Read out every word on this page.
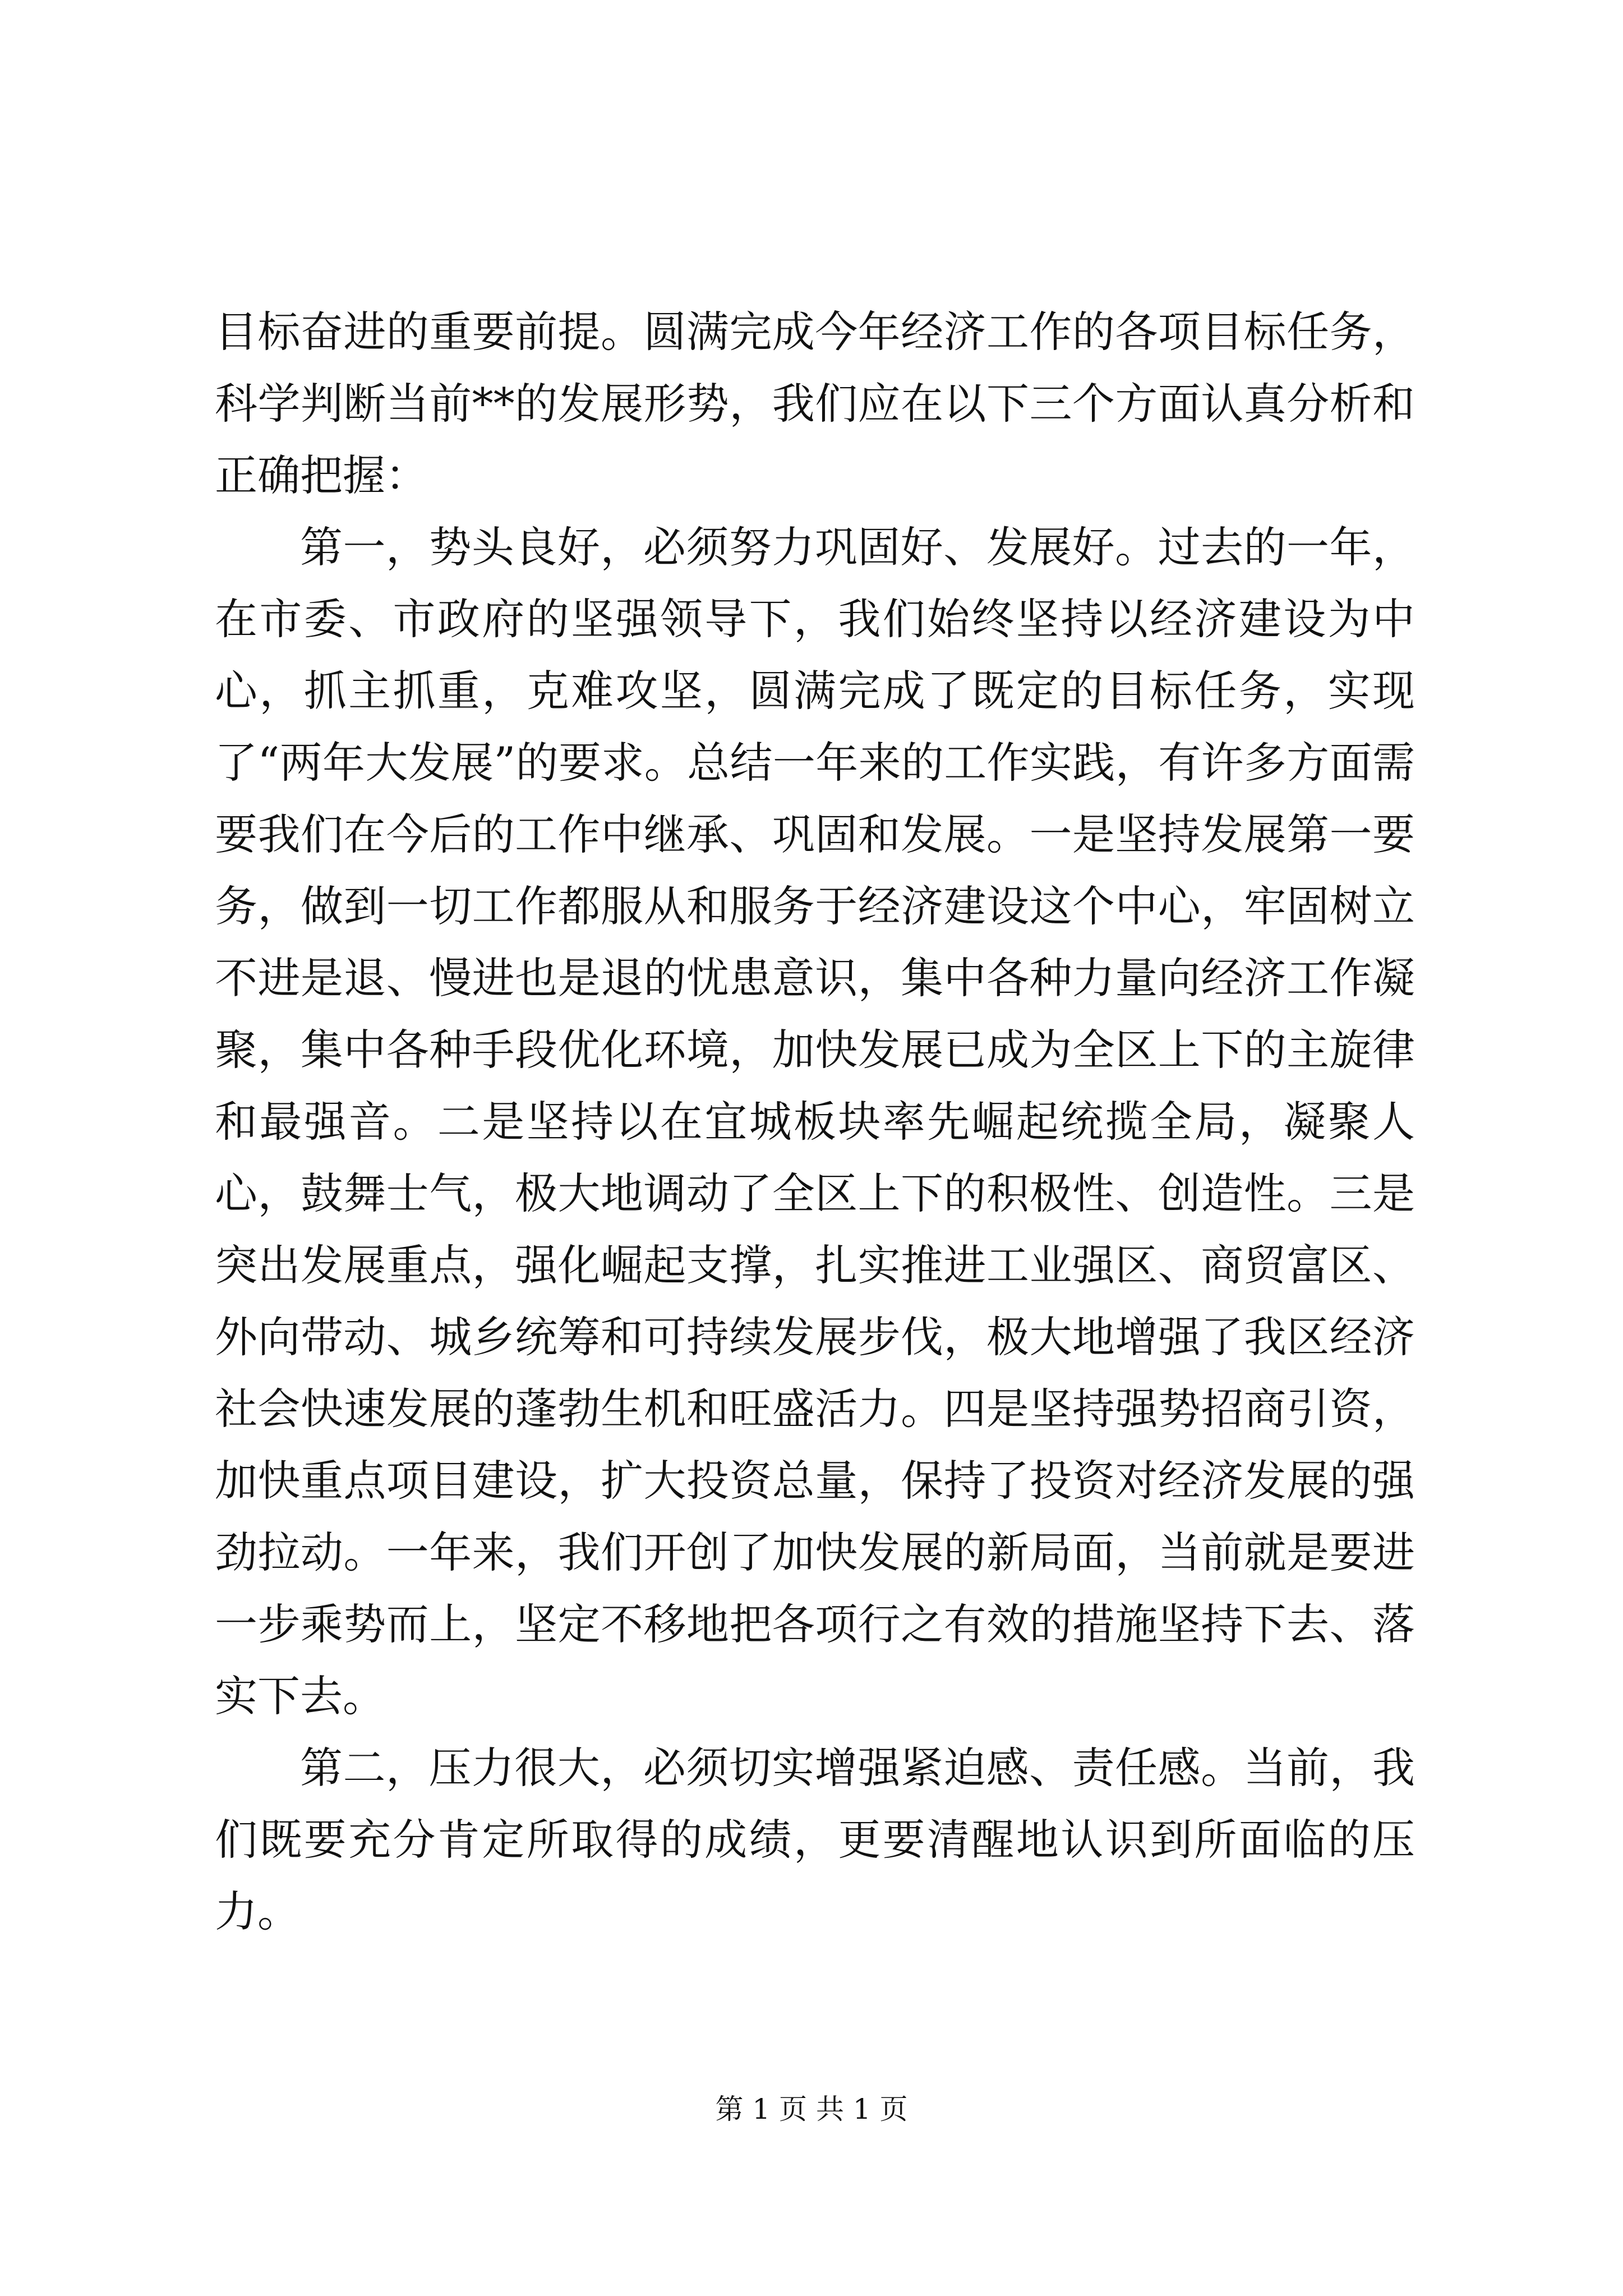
目标奋进的重要前提。圆满完成今年经济工作的各项目标任务，科学判断当前**的发展形势，我们应在以下三个方面认真分析和正确把握：

第一，势头良好，必须努力巩固好、发展好。过去的一年，在市委、市政府的坚强领导下，我们始终坚持以经济建设为中心，抓主抓重，克难攻坚，圆满完成了既定的目标任务，实现了“两年大发展”的要求。总结一年来的工作实践，有许多方面需要我们在今后的工作中继承、巩固和发展。一是坚持发展第一要务，做到一切工作都服从和服务于经济建设这个中心，牢固树立不进是退、慢进也是退的忧患意识，集中各种力量向经济工作凝聚，集中各种手段优化环境，加快发展已成为全区上下的主旋律和最强音。二是坚持以在宜城板块率先崛起统揽全局，凝聚人心，鼓舞士气，极大地调动了全区上下的积极性、创造性。三是突出发展重点，强化崛起支撑，扎实推进工业强区、商贸富区、外向带动、城乡统筹和可持续发展步伐，极大地增强了我区经济社会快速发展的蓬勃生机和旺盛活力。四是坚持强势招商引资，加快重点项目建设，扩大投资总量，保持了投资对经济发展的强劲拉动。一年来，我们开创了加快发展的新局面，当前就是要进一步乘势而上，坚定不移地把各项行之有效的措施坚持下去、落实下去。

第二，压力很大，必须切实增强紧迫感、责任感。当前，我们既要充分肯定所取得的成绩，更要清醒地认识到所面临的压力。

第 1 页 共 1 页
